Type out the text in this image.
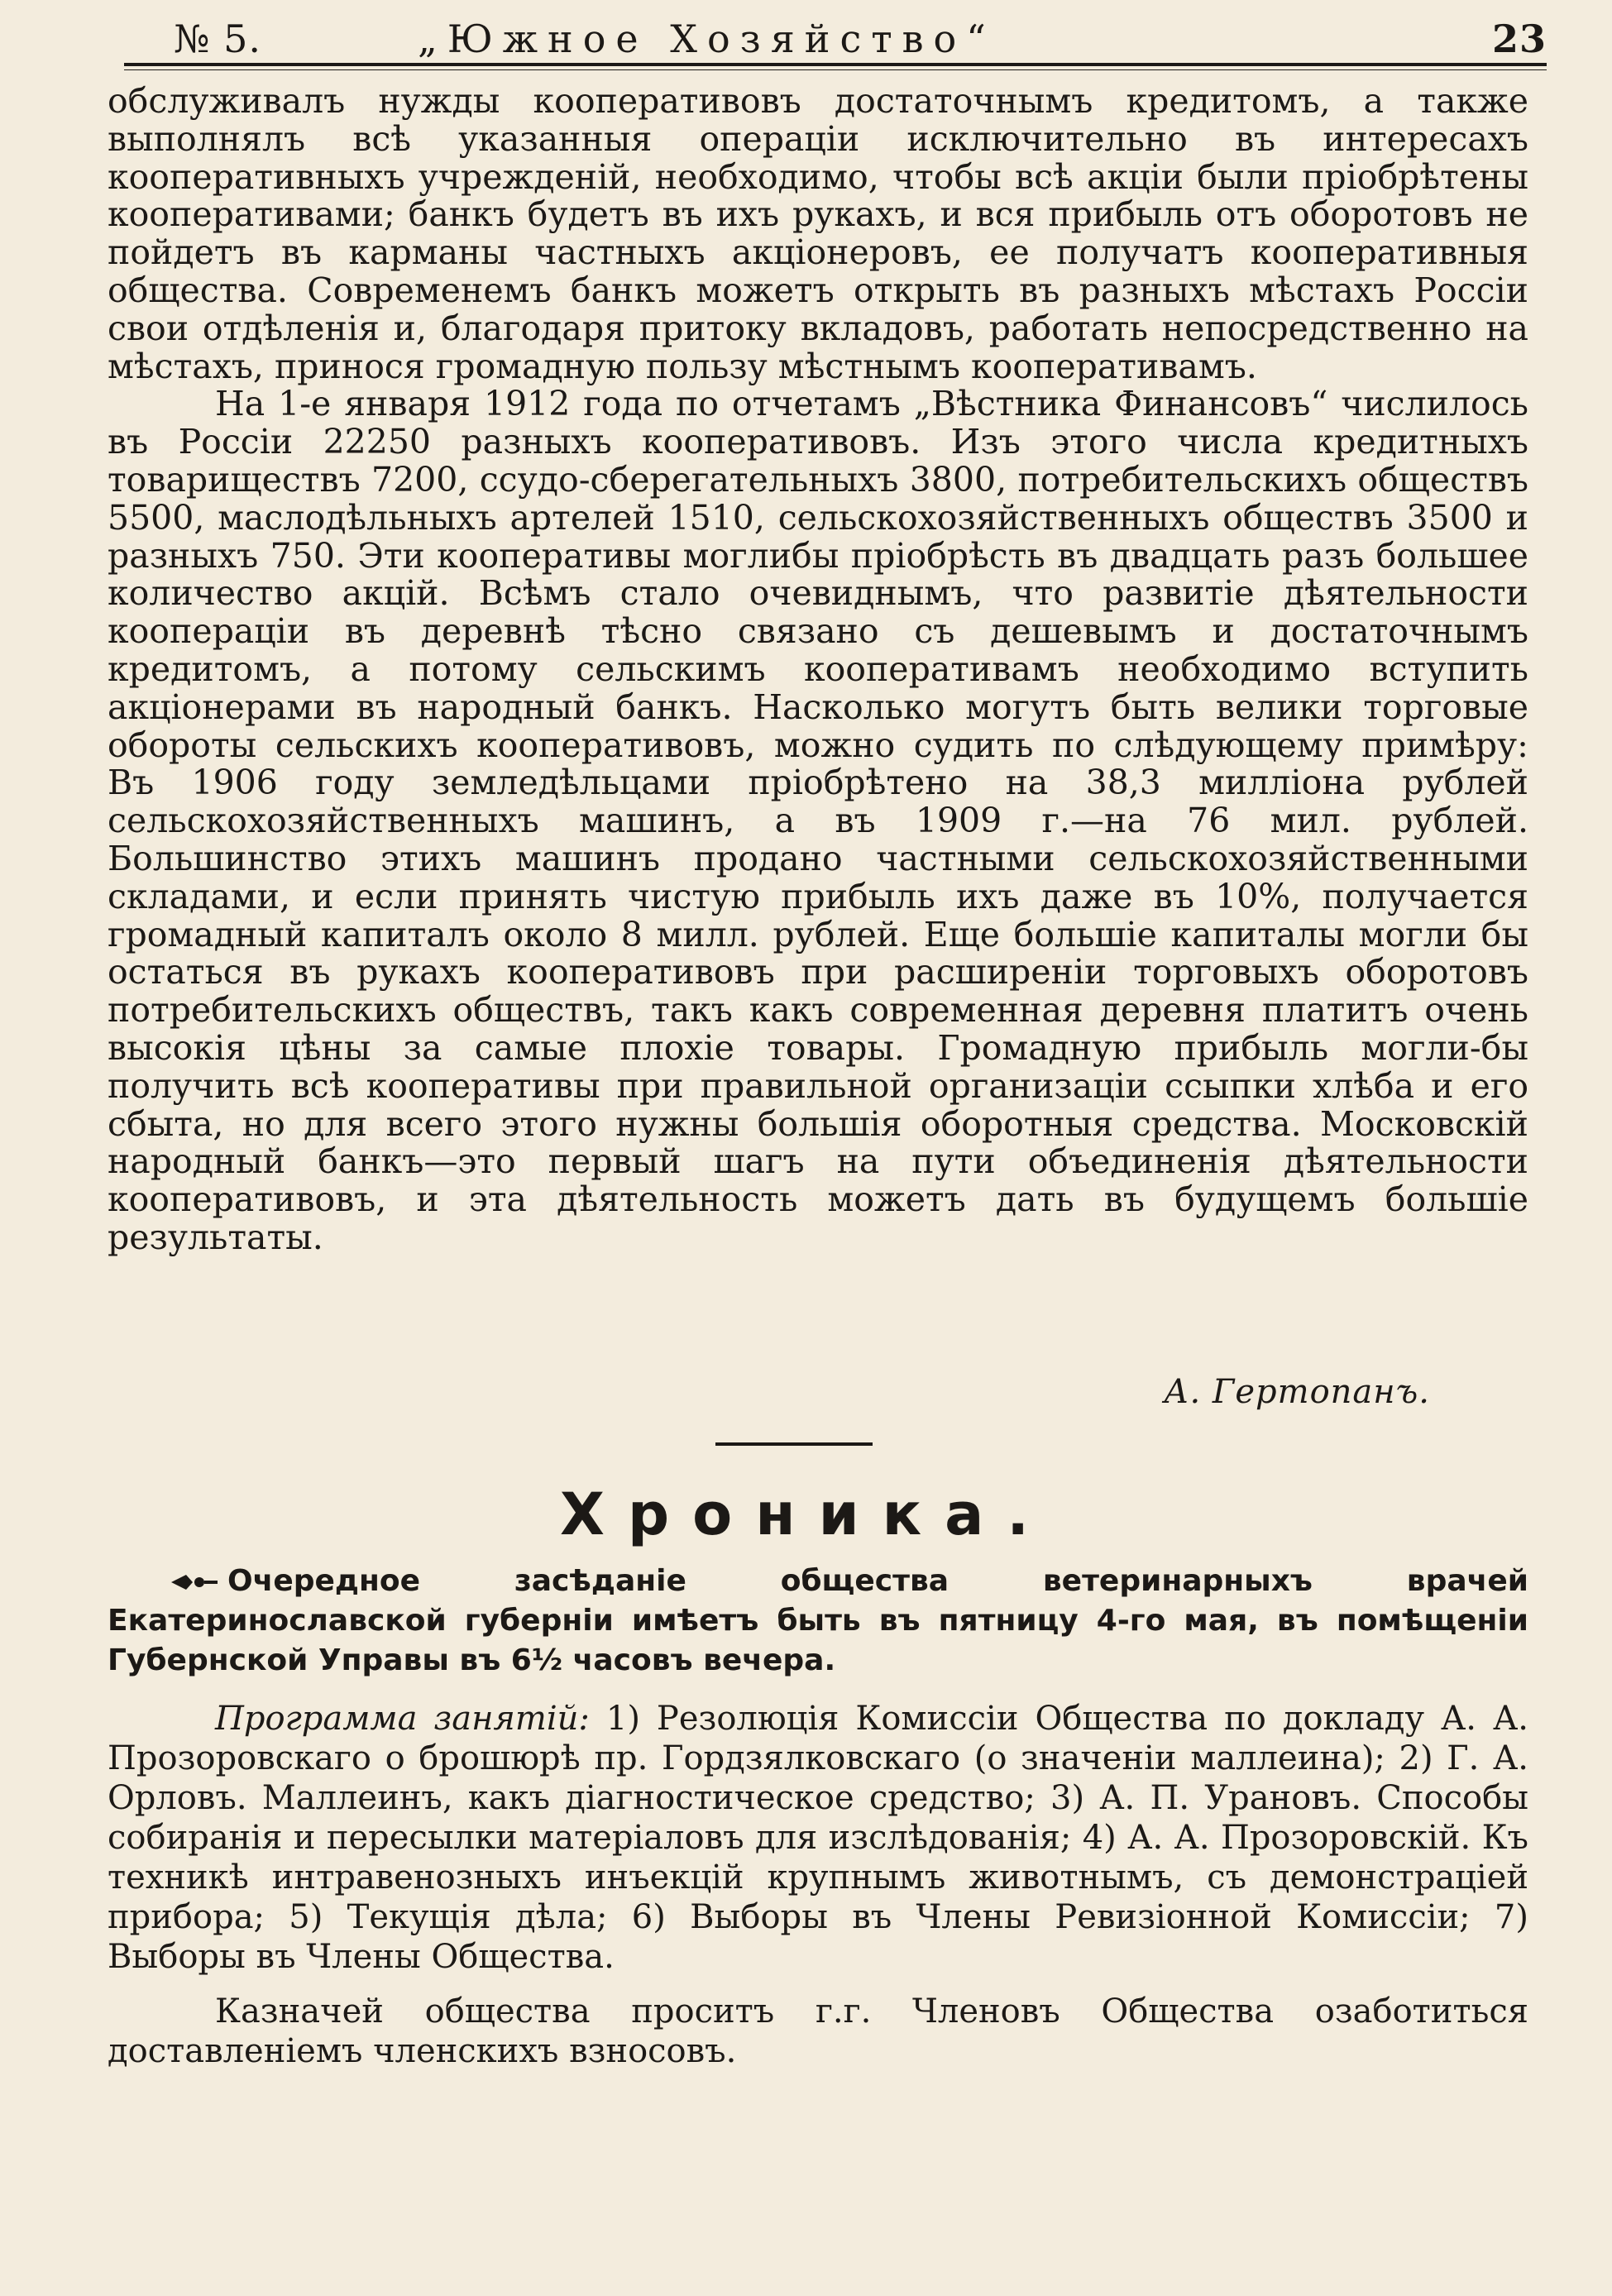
№ 5.	„Южное Хозяйство“	23

обслуживалъ нужды кооперативовъ достаточнымъ кредитомъ, а также выполнялъ всѣ указанныя операціи исключительно въ интересахъ кооперативныхъ учрежденій, необходимо, чтобы всѣ акціи были пріобрѣтены кооперативами; банкъ будетъ въ ихъ рукахъ, и вся прибыль отъ оборотовъ не пойдетъ въ карманы частныхъ акціонеровъ, ее получатъ кооперативныя общества. Современемъ банкъ можетъ открыть въ разныхъ мѣстахъ Россіи свои отдѣленія и, благодаря притоку вкладовъ, работать непосредственно на мѣстахъ, принося громадную пользу мѣстнымъ кооперативамъ.

На 1-е января 1912 года по отчетамъ „Вѣстника Финансовъ“ числилось въ Россіи 22250 разныхъ кооперативовъ. Изъ этого числа кредитныхъ товариществъ 7200, ссудо-сберегательныхъ 3800, потребительскихъ обществъ 5500, маслодѣльныхъ артелей 1510, сельскохозяйственныхъ обществъ 3500 и разныхъ 750. Эти кооперативы моглибы пріобрѣсть въ двадцать разъ большее количество акцій. Всѣмъ стало очевиднымъ, что развитіе дѣятельности коопераціи въ деревнѣ тѣсно связано съ дешевымъ и достаточнымъ кредитомъ, а потому сельскимъ кооперативамъ необходимо вступить акціонерами въ народный банкъ. Насколько могутъ быть велики торговые обороты сельскихъ кооперативовъ, можно судить по слѣдующему примѣру: Въ 1906 году земледѣльцами пріобрѣтено на 38,3 милліона рублей сельскохозяйственныхъ машинъ, а въ 1909 г.—на 76 мил. рублей. Большинство этихъ машинъ продано частными сельскохозяйственными складами, и если принять чистую прибыль ихъ даже въ 10%, получается громадный капиталъ около 8 милл. рублей. Еще большіе капиталы могли бы остаться въ рукахъ кооперативовъ при расширеніи торговыхъ оборотовъ потребительскихъ обществъ, такъ какъ современная деревня платитъ очень высокія цѣны за самые плохіе товары. Громадную прибыль могли-бы получить всѣ кооперативы при правильной организаціи ссыпки хлѣба и его сбыта, но для всего этого нужны большія оборотныя средства. Московскій народный банкъ—это первый шагъ на пути объединенія дѣятельности кооперативовъ, и эта дѣятельность можетъ дать въ будущемъ большіе результаты.

А. Гертопанъ.
Хроника.

Очередное засѣданіе общества ветеринарныхъ врачей Екатеринославской губерніи имѣетъ быть въ пятницу 4-го мая, въ помѣщеніи Губернской Управы въ 6½ часовъ вечера.

Программа занятій: 1) Резолюція Комиссіи Общества по докладу А. А. Прозоровскаго о брошюрѣ пр. Гордзялковскаго (о значеніи маллеина); 2) Г. А. Орловъ. Маллеинъ, какъ діагностическое средство; 3) А. П. Урановъ. Способы собиранія и пересылки матеріаловъ для изслѣдованія; 4) А. А. Прозоровскій. Къ техникѣ интравенозныхъ инъекцій крупнымъ животнымъ, съ демонстраціей прибора; 5) Текущія дѣла; 6) Выборы въ Члены Ревизіонной Комиссіи; 7) Выборы въ Члены Общества.

Казначей общества проситъ г.г. Членовъ Общества озаботиться доставленіемъ членскихъ взносовъ.
